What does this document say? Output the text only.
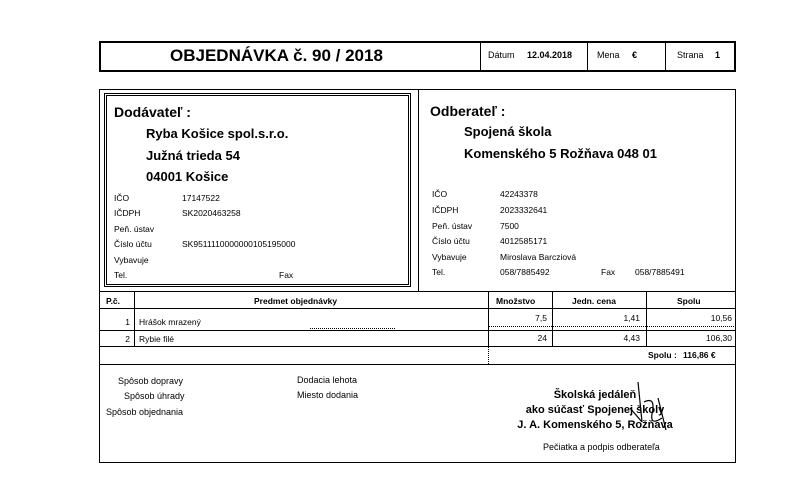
OBJEDNÁVKA č. 90 / 2018	Dátum 12.04.2018	Mena €	Strana 1
Dodávateľ :
Ryba Košice spol.s.r.o.
Južná trieda 54
04001 Košice
IČO	17147522
IČDPH	SK2020463258
Peň. ústav
Číslo účtu	SK9511110000000105195000
Vybavuje
Tel.	Fax
Odberateľ :
Spojená škola
Komenského 5 Rožňava 048 01
IČO	42243378
IČDPH	2023332641
Peň. ústav	7500
Číslo účtu	4012585171
Vybavuje	Miroslava Barcziová
Tel.	058/7885492	Fax 058/7885491
P.č.	Predmet objednávky	Množstvo	Jedn. cena	Spolu
1 Hrášok mrazený	7,5	1,41	10,56
2 Rybie filé	24	4,43	106,30
Spolu : 116,86 €
Spôsob dopravy
Spôsob úhrady
Spôsob objednania
Dodacia lehota
Miesto dodania	Školská jedáleň
ako súčasť Spojenej školy
J. A. Komenského 5, Rožňava
Pečiatka a podpis odberateľa
